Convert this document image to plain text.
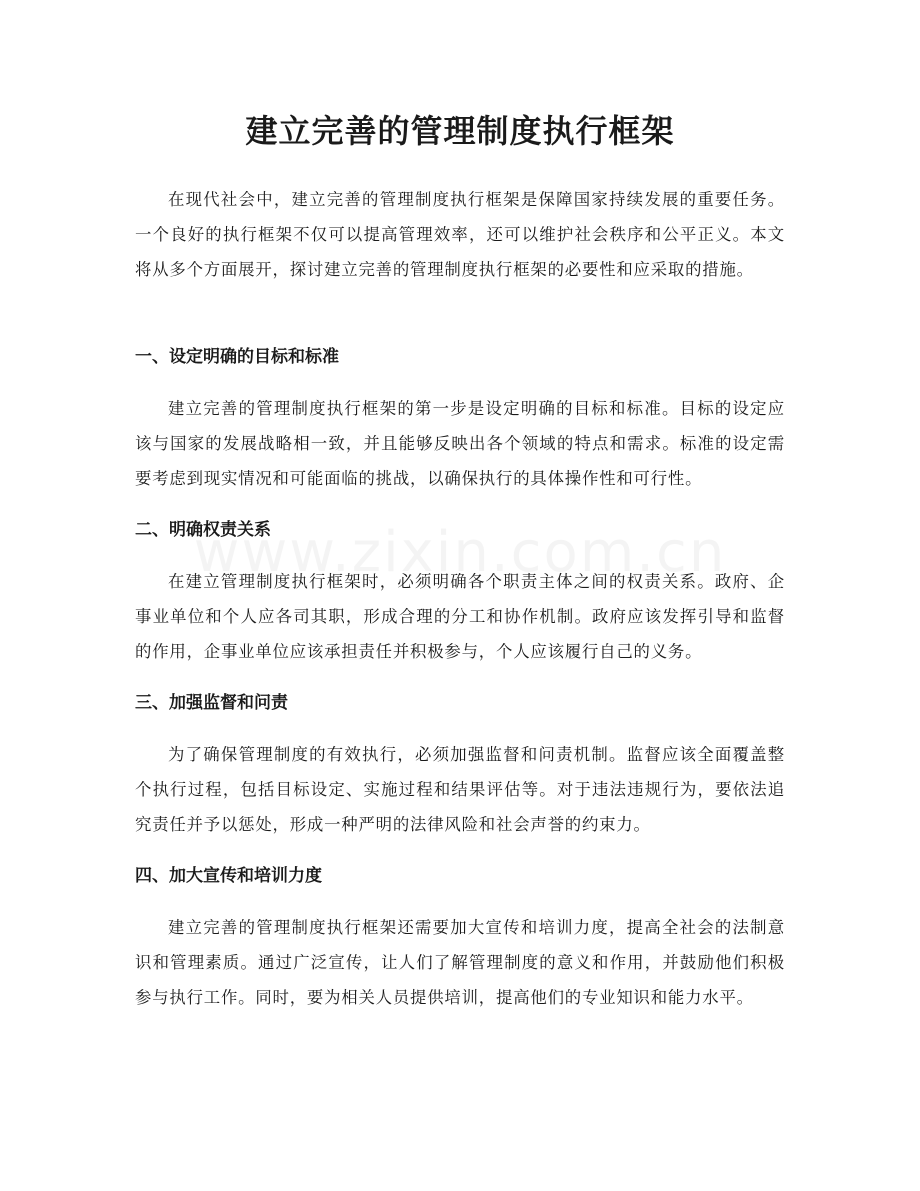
建立完善的管理制度执行框架

在现代社会中，建立完善的管理制度执行框架是保障国家持续发展的重要任务。一个良好的执行框架不仅可以提高管理效率，还可以维护社会秩序和公平正义。本文将从多个方面展开，探讨建立完善的管理制度执行框架的必要性和应采取的措施。

一、设定明确的目标和标准

建立完善的管理制度执行框架的第一步是设定明确的目标和标准。目标的设定应该与国家的发展战略相一致，并且能够反映出各个领域的特点和需求。标准的设定需要考虑到现实情况和可能面临的挑战，以确保执行的具体操作性和可行性。

二、明确权责关系

在建立管理制度执行框架时，必须明确各个职责主体之间的权责关系。政府、企事业单位和个人应各司其职，形成合理的分工和协作机制。政府应该发挥引导和监督的作用，企事业单位应该承担责任并积极参与，个人应该履行自己的义务。

三、加强监督和问责

为了确保管理制度的有效执行，必须加强监督和问责机制。监督应该全面覆盖整个执行过程，包括目标设定、实施过程和结果评估等。对于违法违规行为，要依法追究责任并予以惩处，形成一种严明的法律风险和社会声誉的约束力。

四、加大宣传和培训力度

建立完善的管理制度执行框架还需要加大宣传和培训力度，提高全社会的法制意识和管理素质。通过广泛宣传，让人们了解管理制度的意义和作用，并鼓励他们积极参与执行工作。同时，要为相关人员提供培训，提高他们的专业知识和能力水平。
